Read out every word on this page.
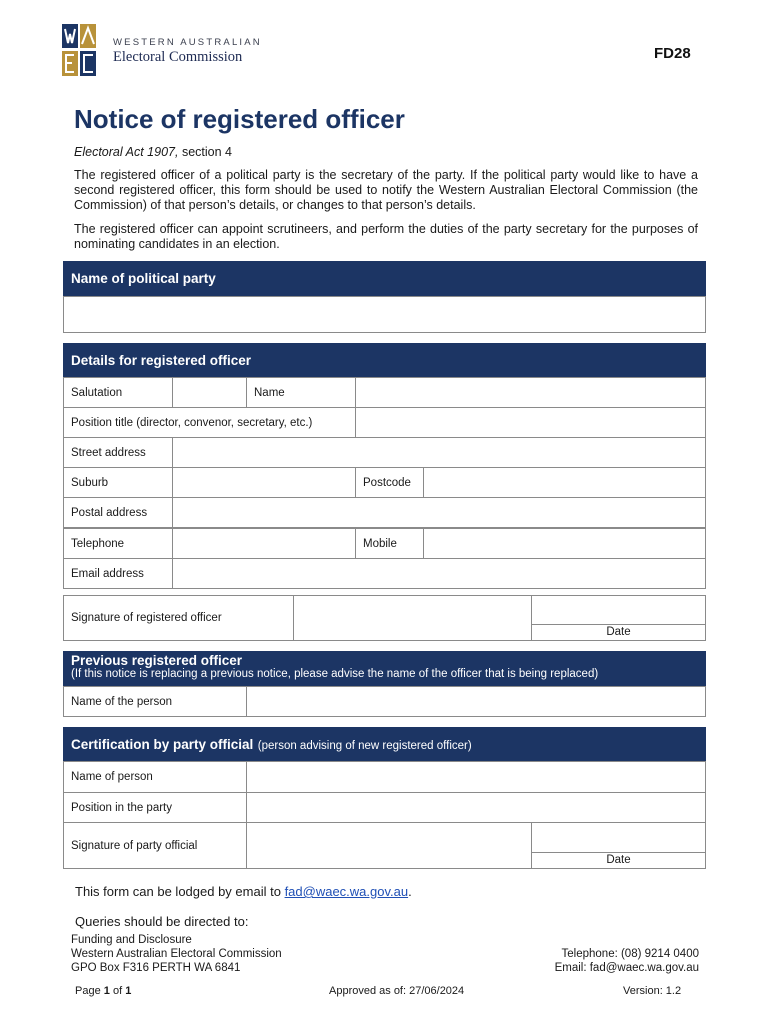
WESTERN AUSTRALIAN
Electoral Commission	FD28
Notice of registered officer
Electoral Act 1907, section 4

The registered officer of a political party is the secretary of the party. If the political party would like to have a second registered officer, this form should be used to notify the Western Australian Electoral Commission (the Commission) of that person’s details, or changes to that person’s details.

The registered officer can appoint scrutineers, and perform the duties of the party secretary for the purposes of nominating candidates in an election.

Name of political party
Details for registered officer
Salutation	Name
Position title (director, convenor, secretary, etc.)
Street address
Suburb	Postcode
Postal address
Telephone	Mobile
Email address
Signature of registered officer
Date
Previous registered officer
(If this notice is replacing a previous notice, please advise the name of the officer that is being replaced)
Name of the person
Certification by party official (person advising of new registered officer)
Name of person
Position in the party
Signature of party official
Date
This form can be lodged by email to fad@waec.wa.gov.au.
Queries should be directed to:
Funding and Disclosure
Western Australian Electoral Commission
GPO Box F316 PERTH WA 6841
Telephone: (08) 9214 0400
Email: fad@waec.wa.gov.au
Page 1 of 1	Approved as of: 27/06/2024	Version: 1.2
